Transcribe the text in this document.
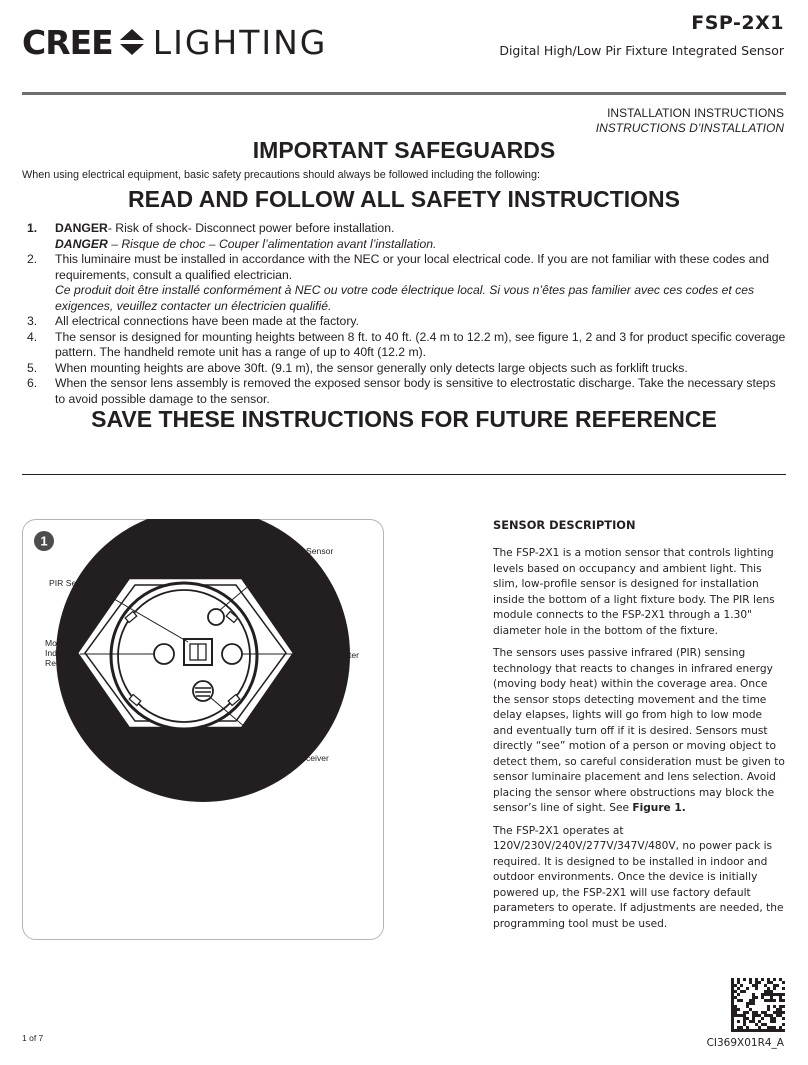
CREE LIGHTING	FSP-2X1
Digital High/Low Pir Fixture Integrated Sensor
INSTALLATION INSTRUCTIONS
INSTRUCTIONS D’INSTALLATION
IMPORTANT SAFEGUARDS
When using electrical equipment, basic safety precautions should always be followed including the following:
READ AND FOLLOW ALL SAFETY INSTRUCTIONS
1. DANGER- Risk of shock- Disconnect power before installation.
DANGER – Risque de choc – Couper l’alimentation avant l’installation.
2. This luminaire must be installed in accordance with the NEC or your local electrical code. If you are not familiar with these codes and requirements, consult a qualified electrician.
Ce produit doit être installé conformément à NEC ou votre code électrique local. Si vous n’êtes pas familier avec ces codes et ces exigences, veuillez contacter un électricien qualifié.
3. All electrical connections have been made at the factory.
4. The sensor is designed for mounting heights between 8 ft. to 40 ft. (2.4 m to 12.2 m), see figure 1, 2 and 3 for product specific coverage pattern. The handheld remote unit has a range of up to 40ft (12.2 m).
5. When mounting heights are above 30ft. (9.1 m), the sensor generally only detects large objects such as forklift trucks.
6. When the sensor lens assembly is removed the exposed sensor body is sensitive to electrostatic discharge. Take the necessary steps to avoid possible damage to the sensor.
SAVE THESE INSTRUCTIONS FOR FUTURE REFERENCE
1
Light Sensor
PIR Sensor
Motion
Indicator
Red LED
IR Transmitter
IR Receiver
SENSOR DESCRIPTION

The FSP-2X1 is a motion sensor that controls lighting levels based on occupancy and ambient light. This slim, low-profile sensor is designed for installation inside the bottom of a light fixture body. The PIR lens module connects to the FSP-2X1 through a 1.30" diameter hole in the bottom of the fixture.

The sensors uses passive infrared (PIR) sensing technology that reacts to changes in infrared energy (moving body heat) within the coverage area. Once the sensor stops detecting movement and the time delay elapses, lights will go from high to low mode and eventually turn off if it is desired. Sensors must directly “see” motion of a person or moving object to detect them, so careful consideration must be given to sensor luminaire placement and lens selection. Avoid placing the sensor where obstructions may block the sensor’s line of sight. See Figure 1.

The FSP-2X1 operates at 120V/230V/240V/277V/347V/480V, no power pack is required. It is designed to be installed in indoor and outdoor environments. Once the device is initially powered up, the FSP-2X1 will use factory default parameters to operate. If adjustments are needed, the programming tool must be used.

1 of 7	CI369X01R4_A
